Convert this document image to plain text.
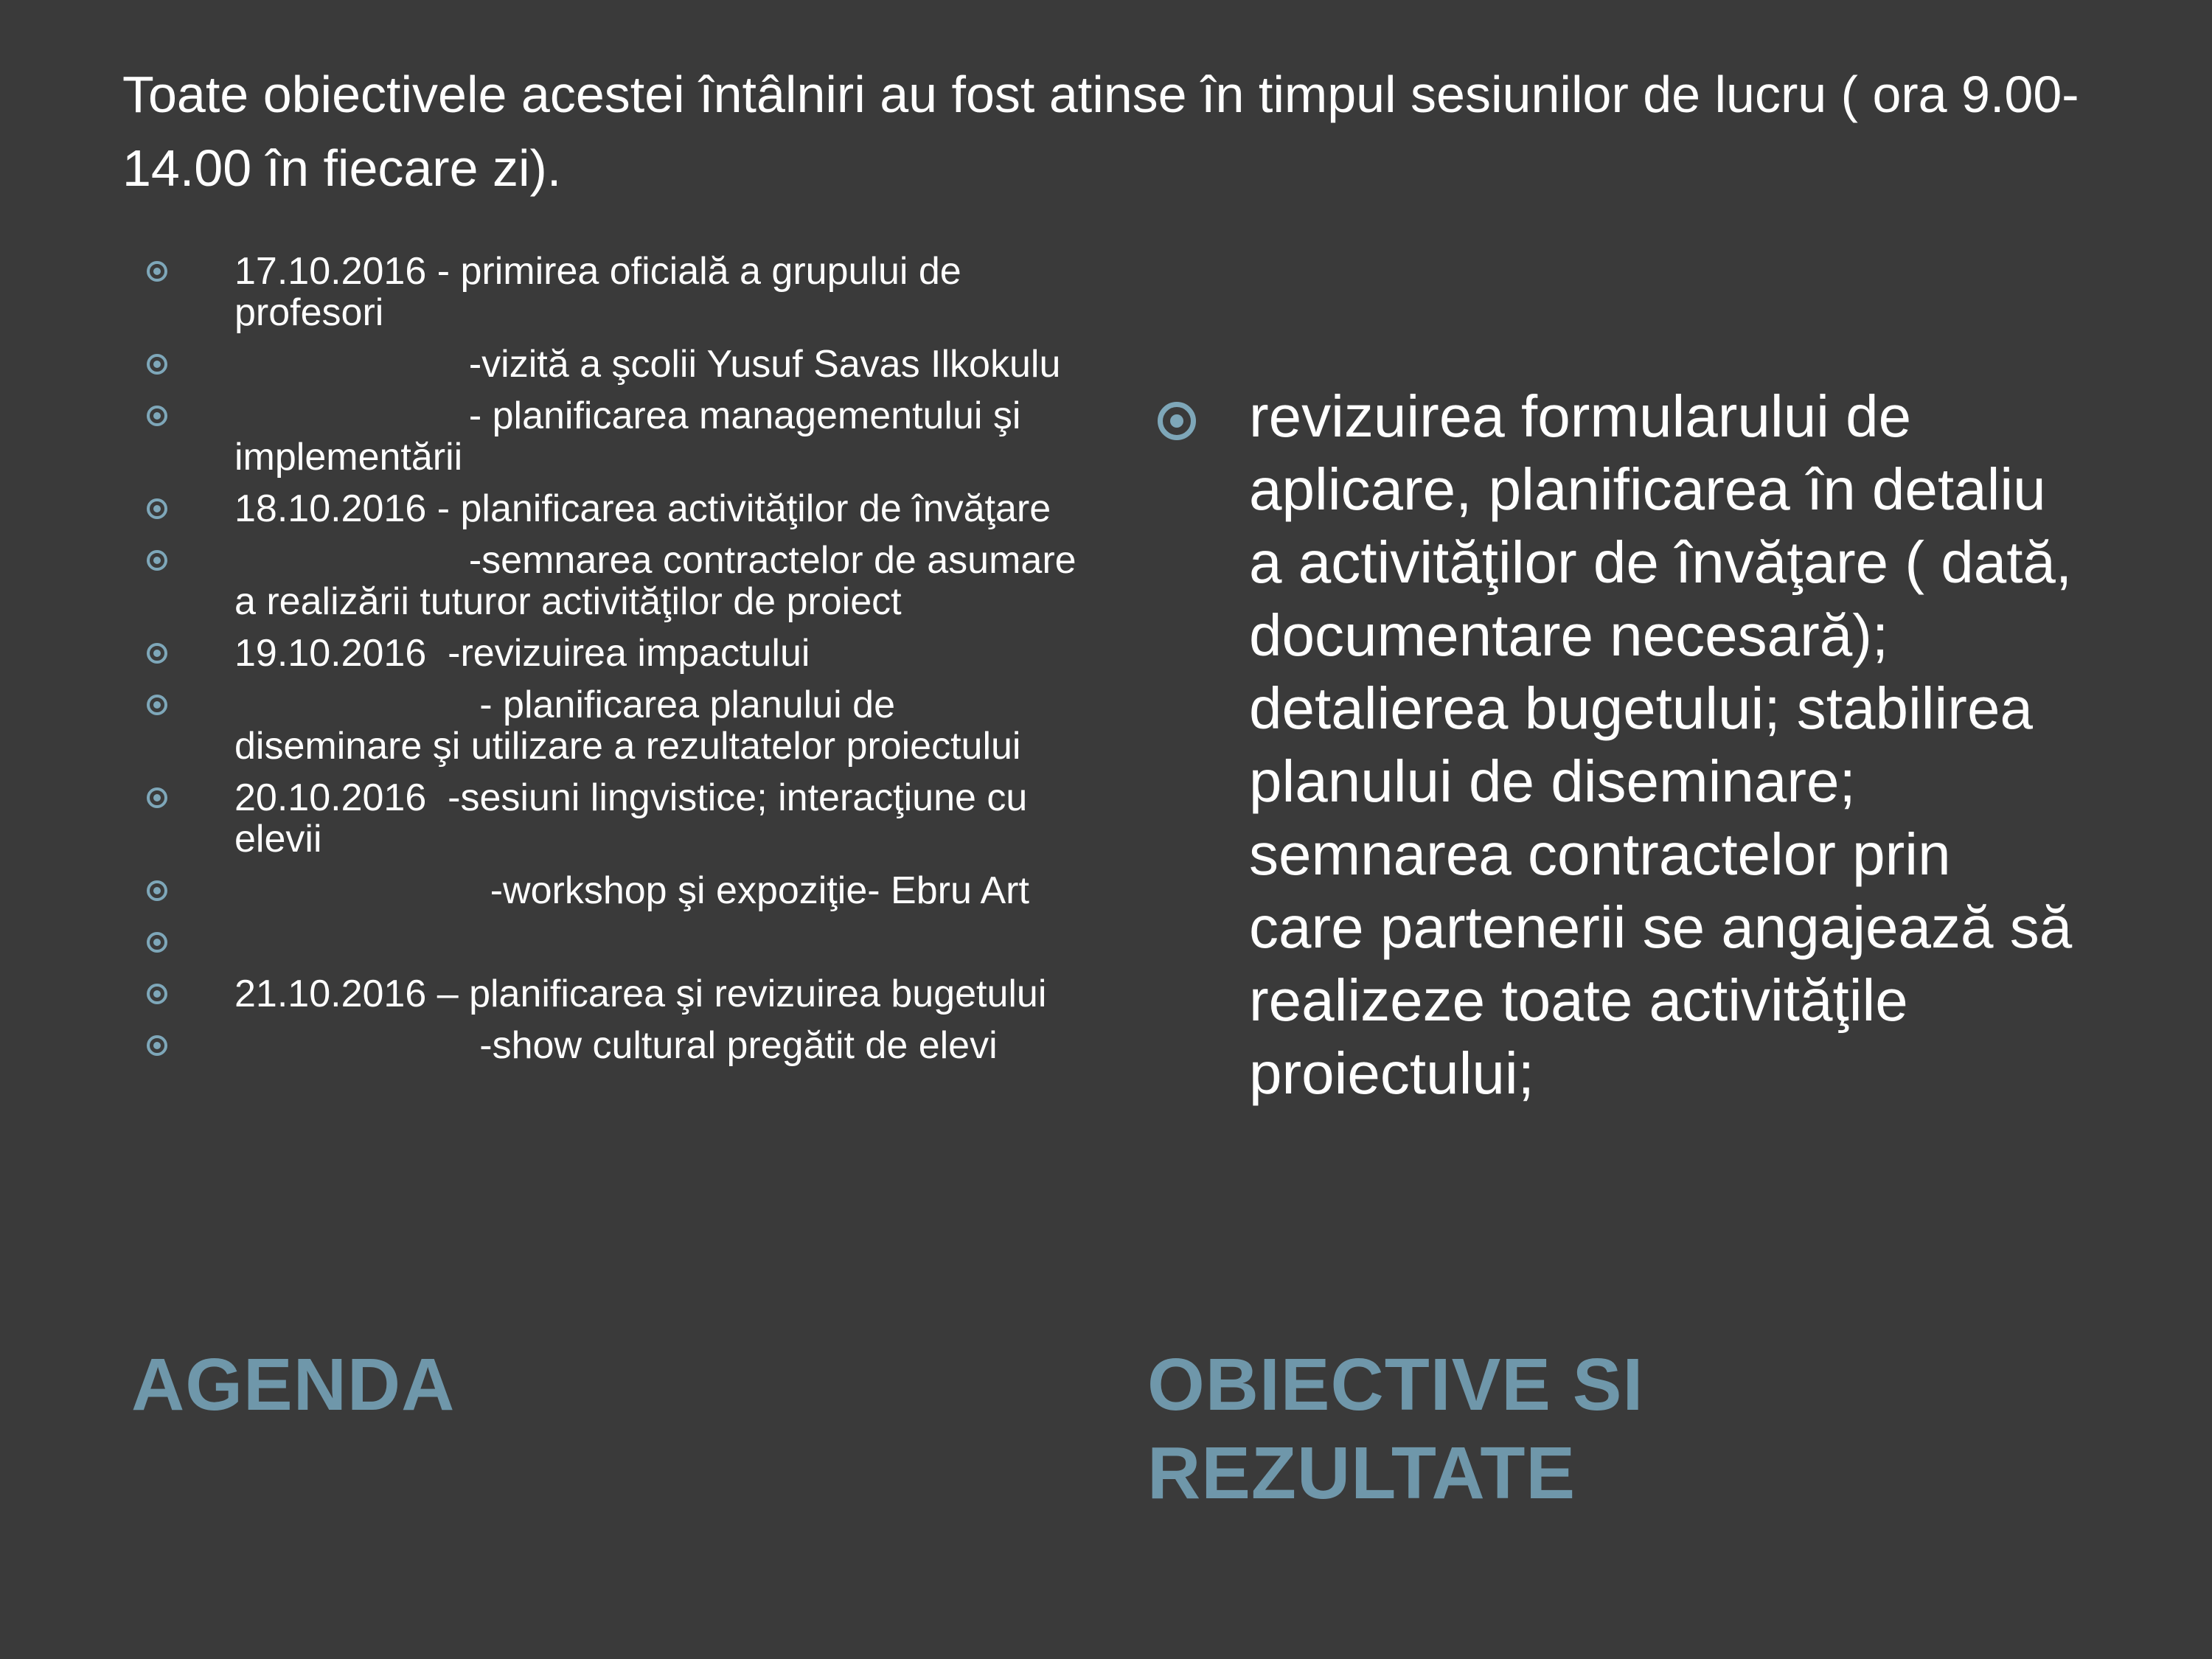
Toate obiectivele acestei întâlniri au fost atinse în timpul sesiunilor de lucru ( ora 9.00- 14.00 în fiecare zi).

17.10.2016 - primirea oficială a grupului de profesori
-vizită a şcolii Yusuf Savas Ilkokulu
- planificarea managementului şi implementării
18.10.2016 - planificarea activităţilor de învăţare
-semnarea contractelor de asumare a realizării tuturor activităţilor de proiect
19.10.2016  -revizuirea impactului
- planificarea planului de diseminare şi utilizare a rezultatelor proiectului
20.10.2016  -sesiuni lingvistice; interacţiune cu elevii
-workshop şi expoziţie- Ebru Art
21.10.2016 – planificarea şi revizuirea bugetului
-show cultural pregătit de elevi

revizuirea formularului de aplicare, planificarea în detaliu a activităţilor de învăţare ( dată, documentare necesară); detalierea bugetului; stabilirea planului de diseminare; semnarea contractelor prin care partenerii se angajează să realizeze toate activităţile proiectului;

AGENDA	OBIECTIVE SI REZULTATE
